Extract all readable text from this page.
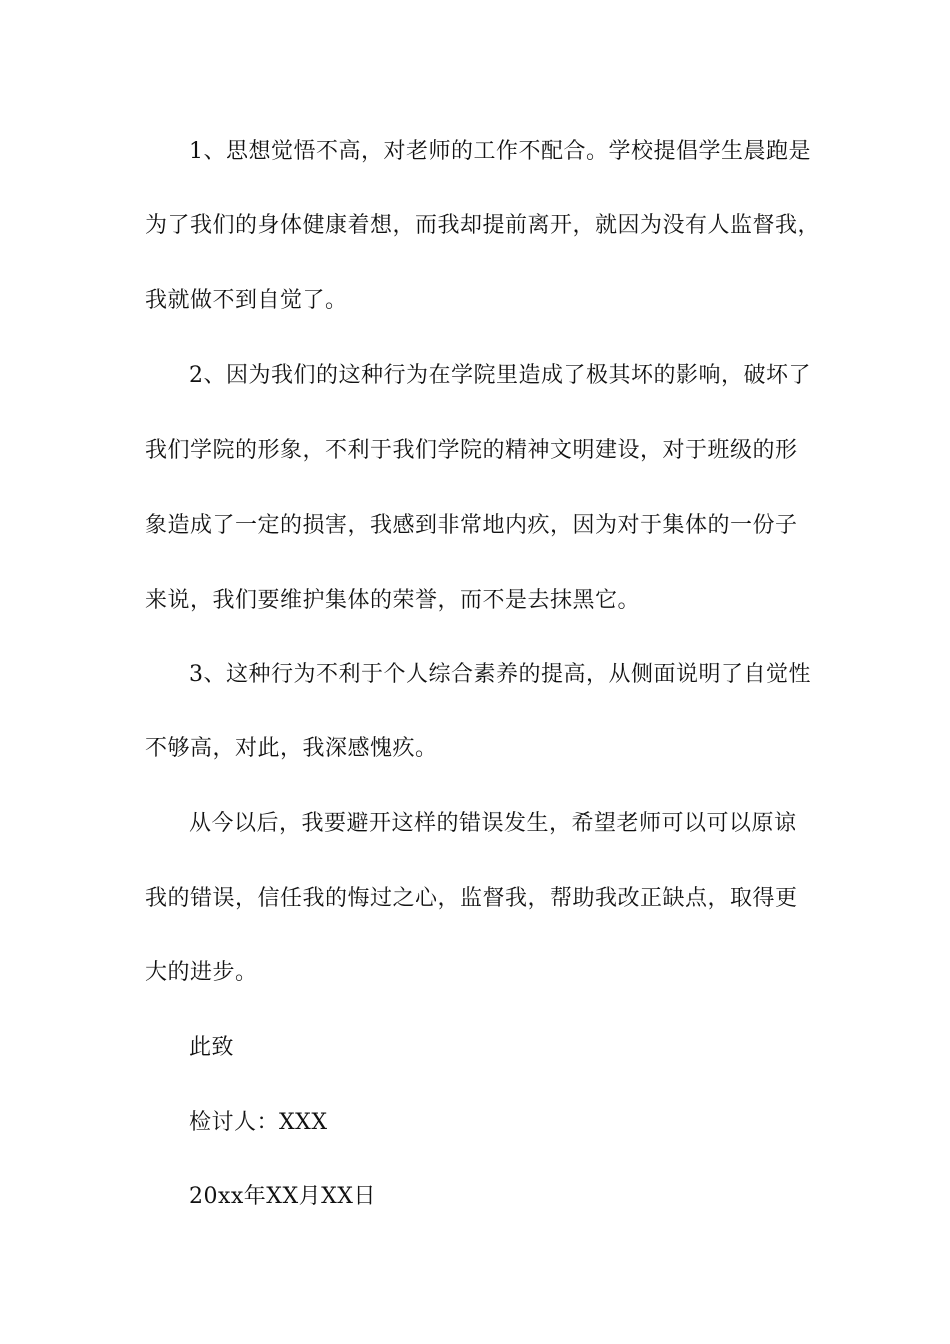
1、思想觉悟不高，对老师的工作不配合。学校提倡学生晨跑是
为了我们的身体健康着想，而我却提前离开，就因为没有人监督我，
我就做不到自觉了。
2、因为我们的这种行为在学院里造成了极其坏的影响，破坏了
我们学院的形象，不利于我们学院的精神文明建设，对于班级的形
象造成了一定的损害，我感到非常地内疚，因为对于集体的一份子
来说，我们要维护集体的荣誉，而不是去抹黑它。
3、这种行为不利于个人综合素养的提高，从侧面说明了自觉性
不够高，对此，我深感愧疚。
从今以后，我要避开这样的错误发生，希望老师可以可以原谅
我的错误，信任我的悔过之心，监督我，帮助我改正缺点，取得更
大的进步。
此致
检讨人：XXX
20xx年XX月XX日
